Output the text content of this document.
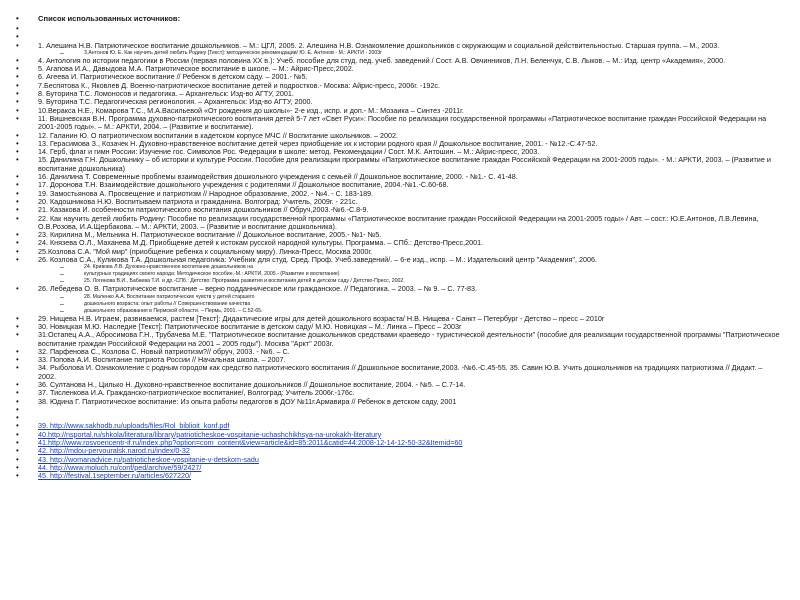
• Список использованных источников:
•
•
• 1. Алешина Н.В. Патриотическое воспитание дошкольников. – М.: ЦГЛ, 2005. 2. Алешина Н.В. Ознакомление дошкольников с окружающим и социальной действительностью. Старшая группа. – М., 2003.
– 3.Антонов Ю. Е. Как научить детей любить Родину [Текст]: методическое рекомендации/ Ю. Е. Антонов - М.: АРКТИ - 2003г
• 4. Антология по истории педагогики в России (первая половина XX в.): Учеб. пособие для студ. пед. учеб. заведений / Сост. А.В. Овчинников, Л.Н. Беленчук, С.В. Лыков. – М.: Изд. центр «Академия», 2000.
• 5. Агапова И.А., Давыдова М.А. Патриотическое воспитание в школе. – М.: Айрис-Пресс,2002.
• 6. Агеева И. Патриотическое воспитание // Ребенок в детском саду. – 2001.- №5.
• 7.Беспятова К., Яковлев Д. Военно-патриотическое воспитание детей и подростков.- Москва: Айрис-пресс, 2006г. -192с.
• 8. Буторина Т.С. Ломоносов и педагогика. – Архангельск: Изд-во АГТУ, 2001.
• 9. Буторина Т.С. Педагогическая регионология. – Архангельск: Изд-во АГТУ, 2000.
• 10.Веракса Н.Е., Комарова Т.С., М.А.Васильевой «От рождения до школы»- 2-е изд., испр. и доп.- М.: Мозаика – Синтез -2011г.
• 11. Вишневская В.Н. Программа духовно-патриотического воспитания детей 5-7 лет «Свет Руси»: Пособие по реализации государственной программы «Патриотическое воспитание граждан Российской Федерации на 2001-2005 годы». – М.: АРКТИ, 2004. – (Развитие и воспитание).
• 12. Галанин Ю. О патриотическом воспитании в кадетском корпусе МЧС // Воспитание школьников. – 2002.
• 13. Герасимова З., Козачек Н. Духовно-нравственное воспитание детей через приобщение их к истории родного края // Дошкольное воспитание, 2001. - №12.-С.47-52.
• 14. Герб, флаг и гимн России: Изучение гос. Символов Рос. Федерации в школе: метод. Рекомендации / Сост. М.К. Антошин. – М.: Айрис-пресс, 2003.
• 15. Данилина Г.Н. Дошкольнику – об истории и культуре России. Пособие для реализации программы «Патриотическое воспитание граждан Российской Федерации на 2001-2005 годы». - М.: АРКТИ, 2003. – (Развитие и воспитание дошкольника)
• 16. Данилина Т. Современные проблемы взаимодействия дошкольного учреждения с семьей // Дошкольное воспитание, 2000. - №1.- С. 41-48.
• 17. Доронова Т.Н. Взаимодействие дошкольного учреждения с родителями // Дошкольное воспитание, 2004.-№1.-С.60-68.
• 19. Замостьянова А. Просвещение и патриотизм // Народное образование, 2002. - №4. - С. 183-189.
• 20. Кадошникова Н.Ю. Воспитываем патриота и гражданина. Волгоград: Учитель, 2009г. - 221с.
• 21. Казакова И. особенности патриотического воспитания дошкольников // Обруч,2003.-№6.-С.8-9.
• 22. Как научить детей любить Родину: Пособие по реализации государственной программы «Патриотическое воспитание граждан Российской Федерации на 2001-2005 годы» / Авт. – сост.: Ю.Е.Антонов, Л.В.Левина, О.В.Розова, И.А.Щербакова. – М.: АРКТИ, 2003. – (Развитие и воспитание дошкольника).
• 23. Кирилина М., Мельника Н. Патриотическое воспитание // Дошкольное воспитание, 2005.- №1- №5.
• 24. Князева О.Л., Маханева М.Д. Приобщение детей к истокам русской народной культуры. Программа. – СПб.: Детство-Пресс,2001.
• 25.Козлова С.А. "Мой мир" (приобщение ребенка к социальному миру). Линка-Пресс, Москва 2000г.
• 26. Козлова С.А., Куликова Т.А. Дошкольная педагогика: Учебник для студ. Сред. Проф. Учеб.заведений/. – 6-е изд., испр. – М.: Издательский центр "Академия", 2006.
– 24. Кривова Л.В. Духовно-нравственное воспитание дошкольников на
– культурных традициях своего народа: Методическое пособие.-М.: АРКТИ, 2005.- (Развитие и воспитание)
– 25. Логинова В.И., Бабаева Т.И. и др.-СПб.: Детство: Программа развития и воспитания детей в детском саду / Детство-Пресс, 2002.
• 26. Лебедева О. В. Патриотическое воспитание – верно подданническое или гражданское. // Педагогика. – 2003. – № 9. – С. 77-83.
– 28. Маленко А.А. Воспитание патриотических чувств у детей старшего
– дошкольного возраста: опыт работы // Совершенствование качества
– дошкольного образования в Пермской области. – Пермь, 2001. – С.52-65.
• 29. Нищева Н.В. Играем, развиваемся, растем [Текст]: Дидактические игры для детей дошкольного возраста/ Н.В. Нищева - Санкт – Петербург - Детство – пресс – 2010г
• 30. Новицкая М.Ю. Наследие [Текст]: Патриотическое воспитание в детском саду/ М.Ю. Новицкая – М.: Линка – Пресс – 2003г
• 31.Остапец А.А., Абросимова Г.Н., Трубачева М.Е. "Патриотическое воспитание дошкольников средствами краеведо - туристической деятельности" (пособие для реализации государственной программы "Патриотическое воспитание граждан Российской Федерации на 2001 – 2005 годы"). Москва "Аркт" 2003г.
• 32. Парфенова С., Козлова С. Новый патриотизм?// обруч, 2003. - №6. – С.
• 33. Попова А.И. Воспитание патриота России // Начальная школа. – 2007.
• 34. Рыболова И. Ознакомление с родным городом как средство патриотического воспитания // Дошкольное воспитание,2003. -№6.-С.45-55. 35. Савин Ю.В. Учить дошкольников на традициях патриотизма // Дидакт. – 2002.
• 36. Султанова Н., Цилько Н. Духовно-нравственное воспитание дошкольников // Дошкольное воспитание, 2004. - №5. – С.7-14.
• 37. Тисленкова И.А. Гражданско-патриотическое воспитание/, Волгоград: Учитель 2006г.-176с.
• 38. Юдина Г. Патриотическое воспитание: Из опыта работы педагогов в ДОУ №11г.Армавира // Ребенок в детском саду, 2001
•
•
• 39. http://www.sakhodb.ru/uploads/files/Rol_biblioit_konf.pdf
• 40.http://nsportal.ru/shkola/literatura/library/patrioticheskoe-vospitanie-uchashchikhsya-na-urokakh-literatury
• 41.http://www.rosvoencentr-if.ru/index.php?option=com_content&view=article&id=85:2011&catid=44:2008-12-14-12-50-32&Itemid=60
• 42. http://mdou-pervouralsk.narod.ru/index/0-32
• 43. http://womanadvice.ru/patrioticheskoe-vospitanie-v-detskom-sadu
• 44. http://www.moluch.ru/conf/ped/archive/59/2427/
• 45. http://festival.1september.ru/articles/627220/
